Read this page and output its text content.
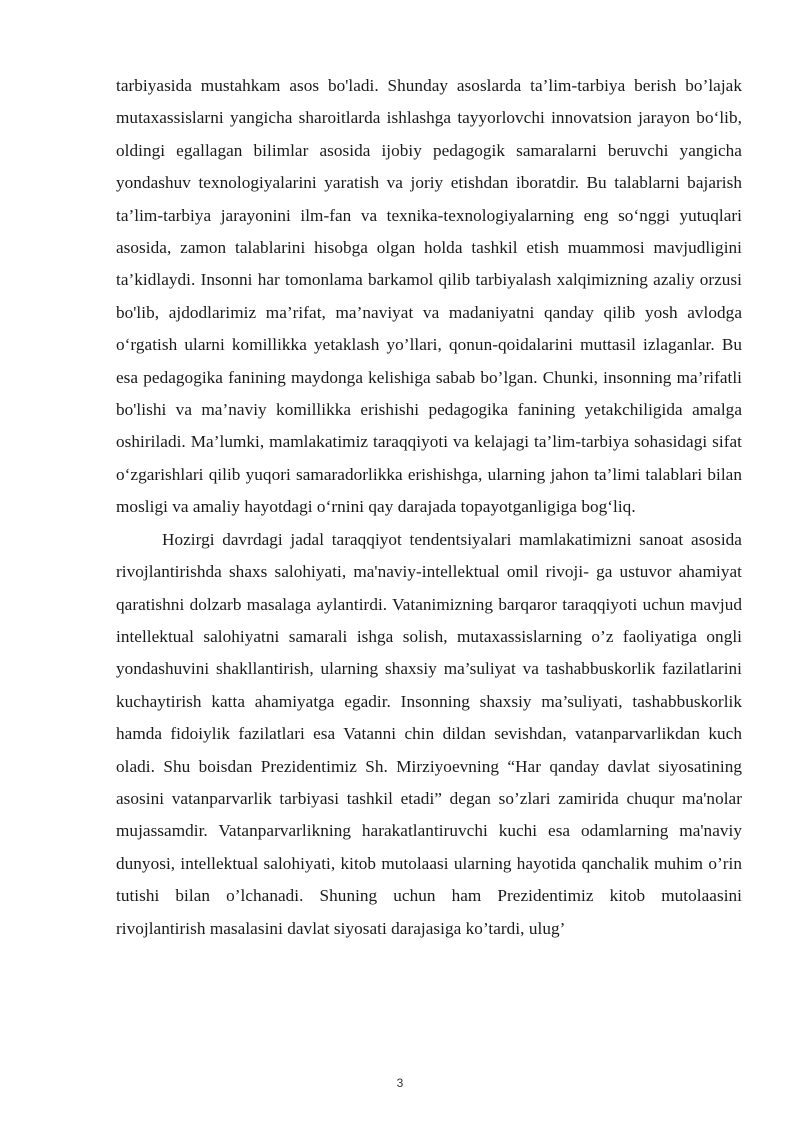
tarbiyasida mustahkam asos bo'ladi. Shunday asoslarda ta’lim-tarbiya berish bo’lajak mutaxassislarni yangicha sharoitlarda ishlashga tayyorlovchi innovatsion jarayon bo‘lib, oldingi egallagan bilimlar asosida ijobiy pedagogik samaralarni beruvchi yangicha yondashuv texnologiyalarini yaratish va joriy etishdan iboratdir. Bu talablarni bajarish ta’lim-tarbiya jarayonini ilm-fan va texnika-texnologiyalarning eng so‘nggi yutuqlari asosida, zamon talablarini hisobga olgan holda tashkil etish muammosi mavjudligini ta’kidlaydi. Insonni har tomonlama barkamol qilib tarbiyalash xalqimizning azaliy orzusi bo'lib, ajdodlarimiz ma’rifat, ma’naviyat va madaniyatni qanday qilib yosh avlodga o‘rgatish ularni komillikka yetaklash yo’llari, qonun-qoidalarini muttasil izlaganlar. Bu esa pedagogika fanining maydonga kelishiga sabab bo’lgan. Chunki, insonning ma’rifatli bo'lishi va ma’naviy komillikka erishishi pedagogika fanining yetakchiligida amalga oshiriladi. Ma’lumki, mamlakatimiz taraqqiyoti va kelajagi ta’lim-tarbiya sohasidagi sifat o‘zgarishlari qilib yuqori samaradorlikka erishishga, ularning jahon ta’limi talablari bilan mosligi va amaliy hayotdagi o‘rnini qay darajada topayotganligiga bog‘liq.

Hozirgi davrdagi jadal taraqqiyot tendentsiyalari mamlakatimizni sanoat asosida rivojlantirishda shaxs salohiyati, ma'naviy-intellektual omil rivoji- ga ustuvor ahamiyat qaratishni dolzarb masalaga aylantirdi. Vatanimizning barqaror taraqqiyoti uchun mavjud intellektual salohiyatni samarali ishga solish, mutaxassislarning o’z faoliyatiga ongli yondashuvini shakllantirish, ularning shaxsiy ma’suliyat va tashabbuskorlik fazilatlarini kuchaytirish katta ahamiyatga egadir. Insonning shaxsiy ma’suliyati, tashabbuskorlik hamda fidoiylik fazilatlari esa Vatanni chin dildan sevishdan, vatanparvarlikdan kuch oladi. Shu boisdan Prezidentimiz Sh. Mirziyoevning “Har qanday davlat siyosatining asosini vatanparvarlik tarbiyasi tashkil etadi” degan so’zlari zamirida chuqur ma'nolar mujassamdir. Vatanparvarlikning harakatlantiruvchi kuchi esa odamlarning ma'naviy dunyosi, intellektual salohiyati, kitob mutolaasi ularning hayotida qanchalik muhim o’rin tutishi bilan o’lchanadi. Shuning uchun ham Prezidentimiz kitob mutolaasini rivojlantirish masalasini davlat siyosati darajasiga ko’tardi, ulug’

3
